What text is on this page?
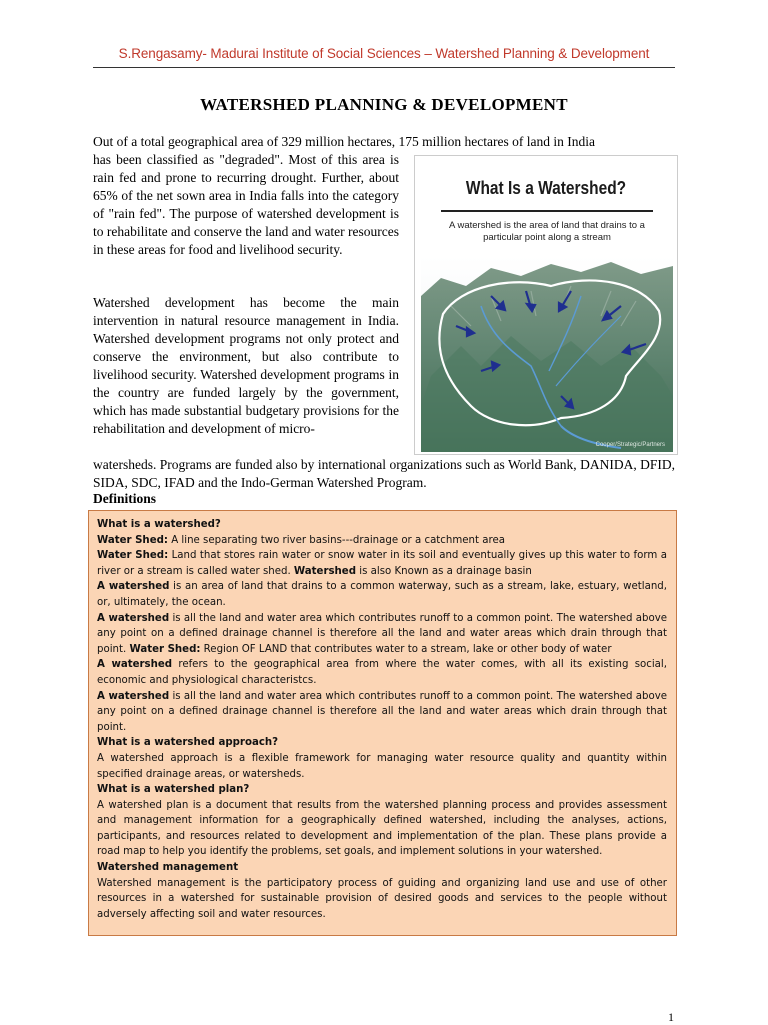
S.Rengasamy- Madurai Institute of Social Sciences – Watershed Planning & Development
WATERSHED PLANNING & DEVELOPMENT
Out of a total geographical area of 329 million hectares, 175 million hectares of land in India
has been classified as "degraded". Most of this area is rain fed and prone to recurring drought. Further, about 65% of the net sown area in India falls into the category of "rain fed". The purpose of watershed development is to rehabilitate and conserve the land and water resources in these areas for food and livelihood security.
Watershed development has become the main intervention in natural resource management in India. Watershed development programs not only protect and conserve the environment, but also contribute to livelihood security. Watershed development programs in the country are funded largely by the government, which has made substantial budgetary provisions for the rehabilitation and development of micro-
watersheds. Programs are funded also by international organizations such as World Bank, DANIDA, DFID, SIDA, SDC, IFAD and the Indo-German Watershed Program.
What Is a Watershed?
A watershed is the area of land that drains to a particular point along a stream
Cooper/Strategic/Partners
Definitions

What is a watershed?

Water Shed: A line separating two river basins---drainage or a catchment area

Water Shed: Land that stores rain water or snow water in its soil and eventually gives up this water to form a river or a stream is called water shed. Watershed is also Known as a drainage basin

A watershed is an area of land that drains to a common waterway, such as a stream, lake, estuary, wetland, or, ultimately, the ocean.

A watershed is all the land and water area which contributes runoff to a common point. The watershed above any point on a defined drainage channel is therefore all the land and water areas which drain through that point. Water Shed: Region OF LAND that contributes water to a stream, lake or other body of water

A watershed refers to the geographical area from where the water comes, with all its existing social, economic and physiological characteristcs.

A watershed is all the land and water area which contributes runoff to a common point. The watershed above any point on a defined drainage channel is therefore all the land and water areas which drain through that point.

What is a watershed approach?

A watershed approach is a flexible framework for managing water resource quality and quantity within specified drainage areas, or watersheds.

What is a watershed plan?

A watershed plan is a document that results from the watershed planning process and provides assessment and management information for a geographically defined watershed, including the analyses, actions, participants, and resources related to development and implementation of the plan. These plans provide a road map to help you identify the problems, set goals, and implement solutions in your watershed.

Watershed management

Watershed management is the participatory process of guiding and organizing land use and use of other resources in a watershed for sustainable provision of desired goods and services to the people without adversely affecting soil and water resources.

1
